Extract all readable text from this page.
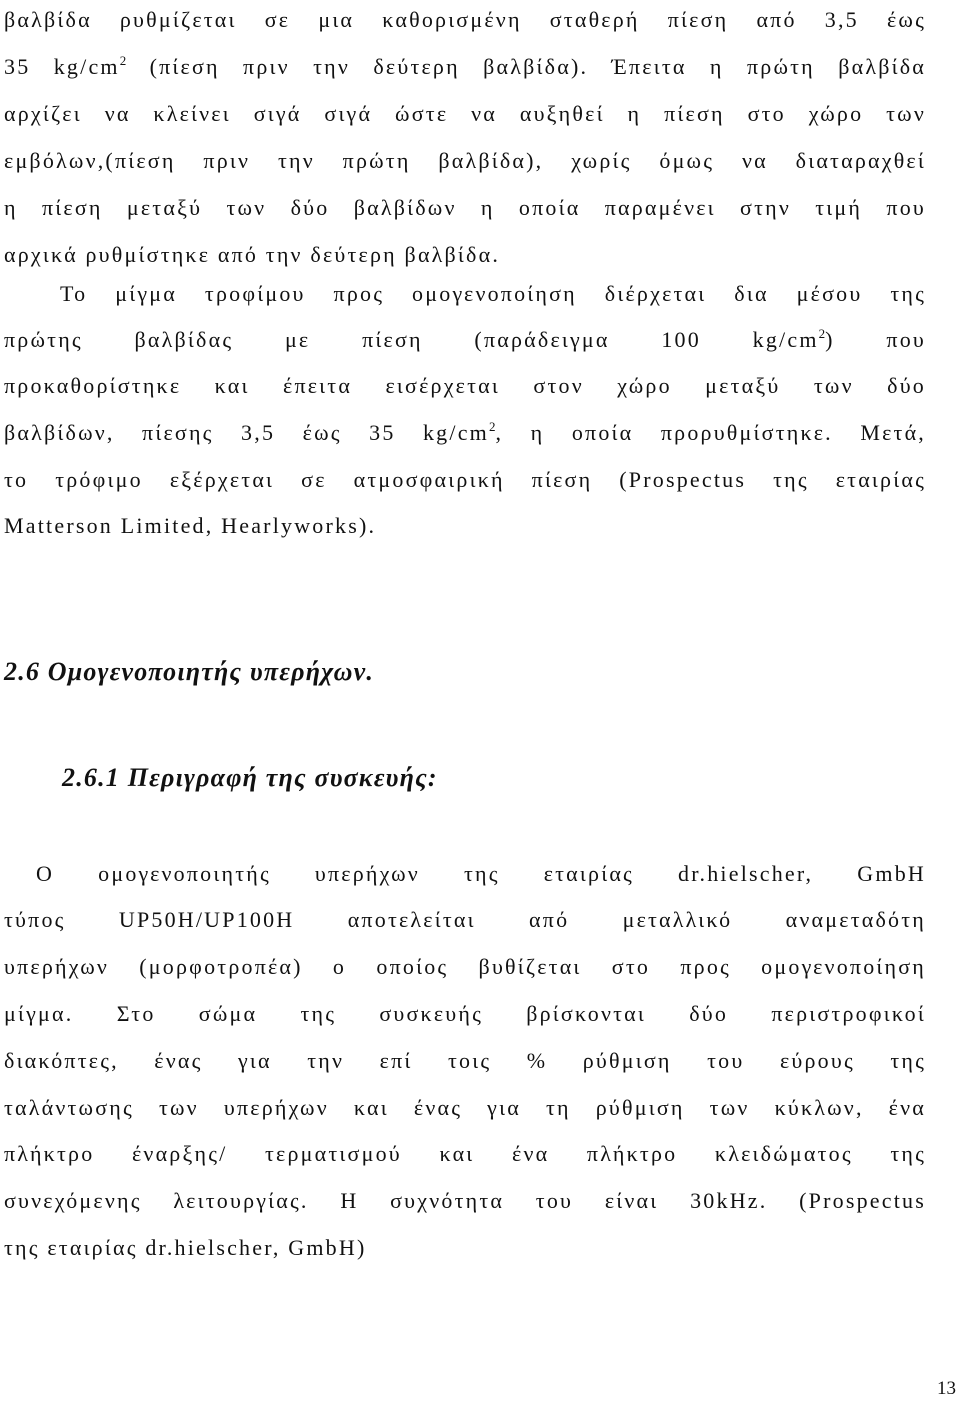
βαλβίδα ρυθμίζεται σε μια καθορισμένη σταθερή πίεση από 3,5 έως
35 $kg/cm^2$ (πίεση πριν την δεύτερη βαλβίδα). Έπειτα η πρώτη βαλβίδα
αρχίζει να κλείνει σιγά σιγά ώστε να αυξηθεί η πίεση στο χώρο των
εμβόλων,(πίεση πριν την πρώτη βαλβίδα), χωρίς όμως να διαταραχθεί
η πίεση μεταξύ των δύο βαλβίδων η οποία παραμένει στην τιμή που
αρχικά ρυθμίστηκε από την δεύτερη βαλβίδα.
Το μίγμα τροφίμου προς ομογενοποίηση διέρχεται δια μέσου της
πρώτης βαλβίδας με πίεση (παράδειγμα 100 $kg/cm^2$) που
προκαθορίστηκε και έπειτα εισέρχεται στον χώρο μεταξύ των δύο
βαλβίδων, πίεσης 3,5 έως 35 $kg/cm^2$, η οποία προρυθμίστηκε. Μετά,
το τρόφιμο εξέρχεται σε ατμοσφαιρική πίεση (Prospectus της εταιρίας
Matterson Limited, Hearlyworks).
2.6 Ομογενοποιητής υπερήχων.
2.6.1 Περιγραφή της συσκευής:
Ο ομογενοποιητής υπερήχων της εταιρίας dr.hielscher, GmbH
τύπος UP50H/UP100H αποτελείται από μεταλλικό αναμεταδότη
υπερήχων (μορφοτροπέα) ο οποίος βυθίζεται στο προς ομογενοποίηση
μίγμα. Στο σώμα της συσκευής βρίσκονται δύο περιστροφικοί
διακόπτες, ένας για την επί τοις % ρύθμιση του εύρους της
ταλάντωσης των υπερήχων και ένας για τη ρύθμιση των κύκλων, ένα
πλήκτρο έναρξης/ τερματισμού και ένα πλήκτρο κλειδώματος της
συνεχόμενης λειτουργίας. Η συχνότητα του είναι 30kHz. (Prospectus
της εταιρίας dr.hielscher, GmbH)
13
